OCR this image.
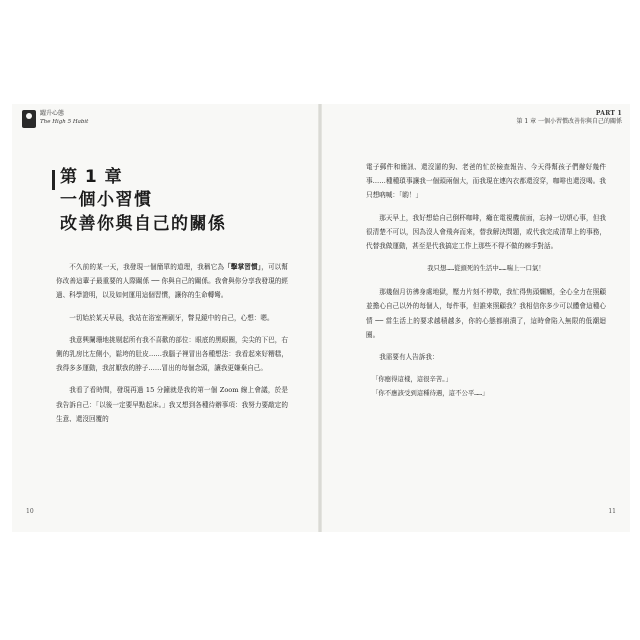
躍升心態
The High 5 Habit
第 1 章
一個小習慣
改善你與自己的關係

不久前的某一天，我發現一個簡單的道理，我稱它為「擊掌習慣」，可以幫你改善這輩子最重要的人際關係 ── 你與自己的關係。我會與你分享我發現的經過、科學證明，以及如何運用這個習慣，讓你的生命轉彎。

一切始於某天早晨，我站在浴室裡刷牙，瞥見鏡中的自己，心想：嗯。

我意興闌珊地挑剔起所有我不喜歡的部位：眼底的黑眼圈，尖尖的下巴，右側的乳房比左側小，鬆垮的肚皮……我腦子裡冒出各種想法：我看起來好糟糕，我得多多運動，我討厭我的脖子……冒出的每個念頭，讓我更嫌棄自己。

我看了看時間，發現再過 15 分鐘就是我的第一個 Zoom 線上會議，於是我告訴自己：「以後一定要早點起床。」我又想到各種待辦事項：我努力要敲定的生意、還沒回覆的

10
PART 1
第 1 章 一個小習慣改善你與自己的關係

電子郵件和簡訊、還沒遛的狗、老爸的忙於檢查報告、今天得幫孩子們辦好幾件事……種種瑣事讓我一個頭兩個大，而我現在連內衣都還沒穿，咖啡也還沒喝。我只想吶喊：「喲！」

那天早上，我好想給自己倒杯咖啡，癱在電視機前面，忘掉一切煩心事，但我很清楚不可以，因為沒人會飛奔而來，替我解決問題，或代我完成清單上的事務，代替我做運動，甚至是代我搞定工作上那些不得不做的棘手對話。

我只想……從頭死的生活中……喘上一口氣！

那幾個月彷彿身處地獄，壓力片刻不停歇，我忙得焦頭爛額，全心全力在照顧並擔心自己以外的每個人，每件事，但誰來照顧我？我相信你多少可以體會這種心情 ── 當生活上的要求越積越多，你的心態都崩潰了，這時會陷入無限的低潮迴圈。

我需要有人告訴我：

「你應得這樣，這很辛苦。」
「你不應該受到這種待遇，這不公平……」
11
